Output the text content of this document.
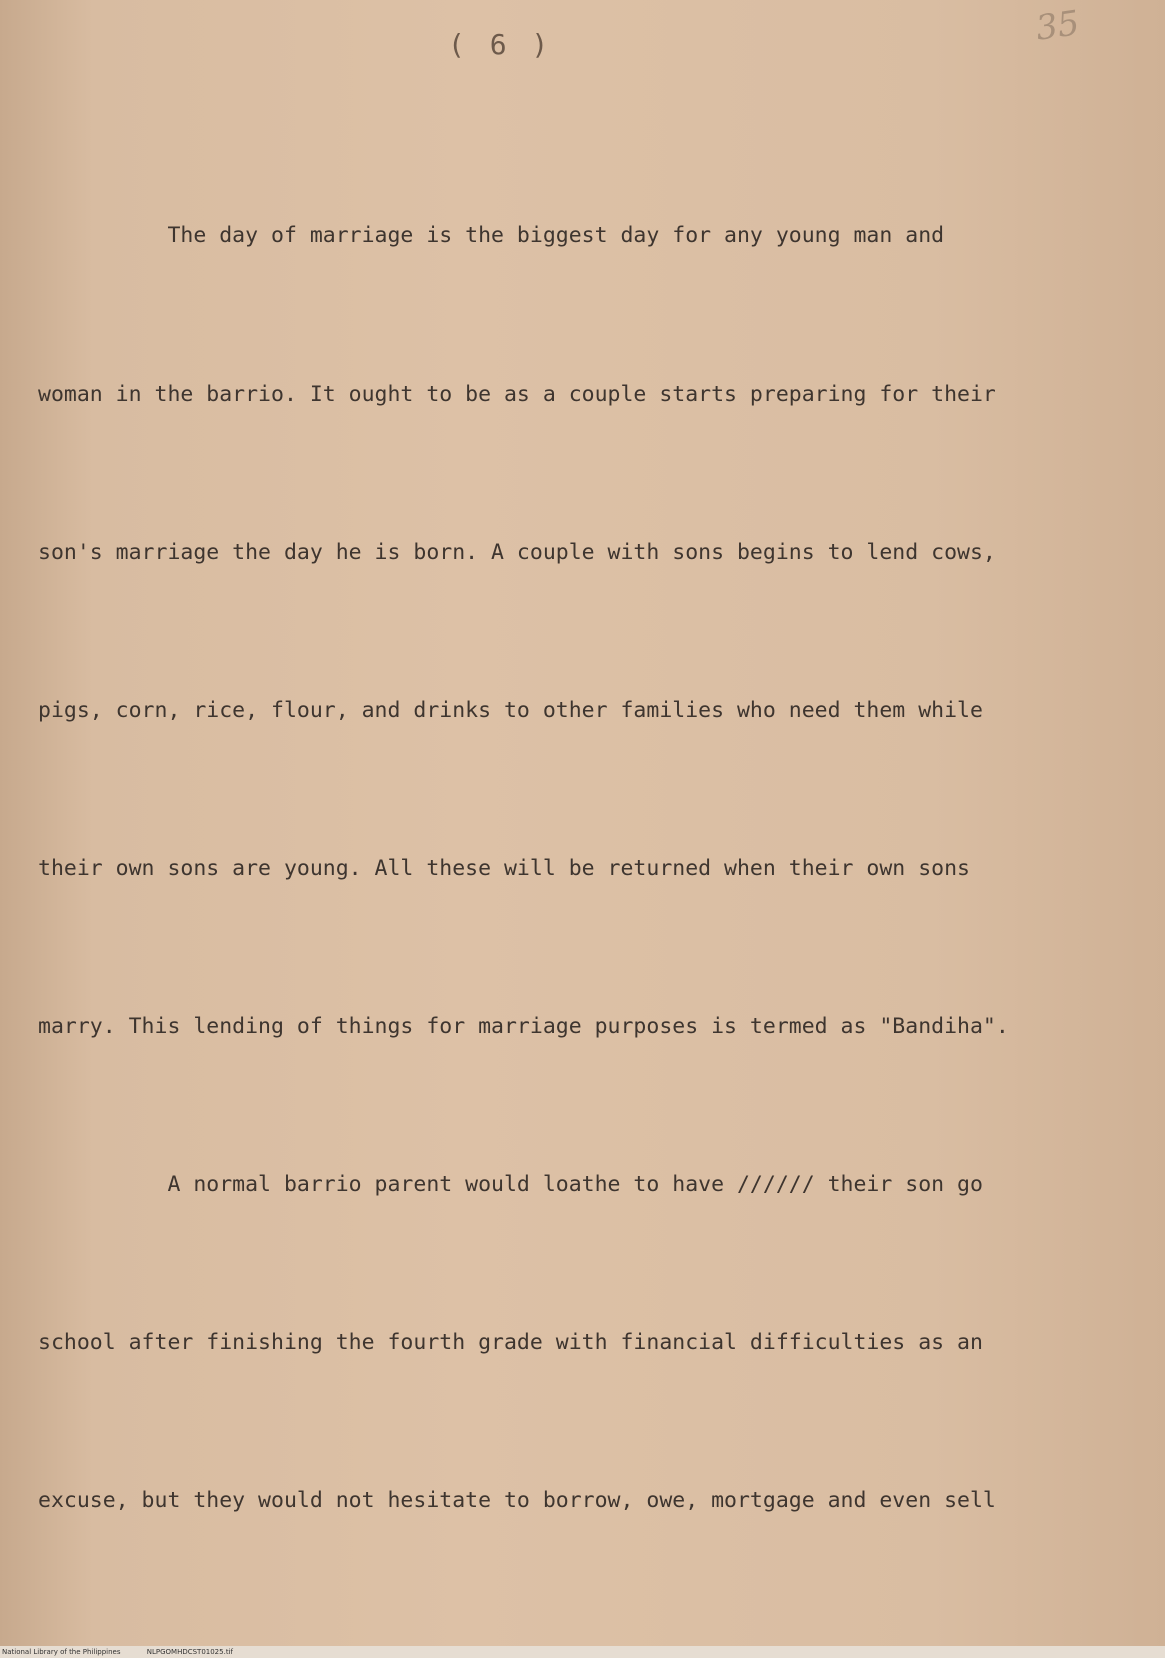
( 6 )	35

The day of marriage is the biggest day for any young man and

woman in the barrio. It ought to be as a couple starts preparing for their

son's marriage the day he is born. A couple with sons begins to lend cows,

pigs, corn, rice, flour, and drinks to other families who need them while

their own sons are young. All these will be returned when their own sons

marry. This lending of things for marriage purposes is termed as "Bandiha".

A normal barrio parent would loathe to have ////// their son go

school after finishing the fourth grade with financial difficulties as an

excuse, but they would not hesitate to borrow, owe, mortgage and even sell

National Library of the Philippines	NLPGOMHDCST01025.tif
